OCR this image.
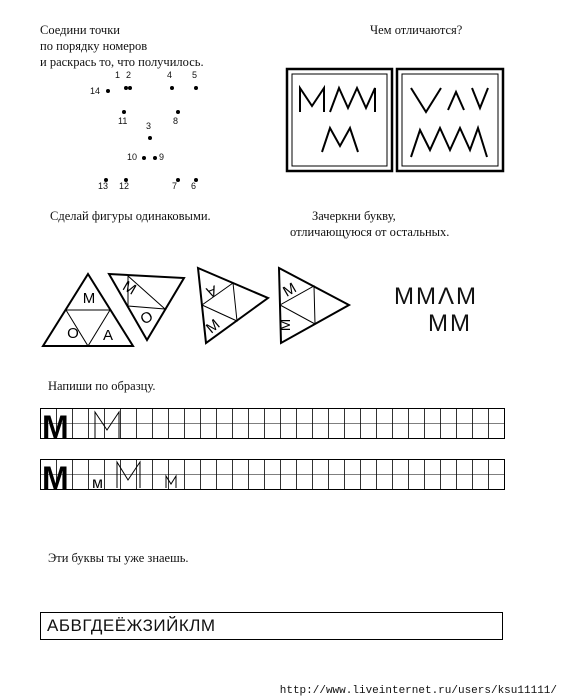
Соедини точки
по порядку номеров
и раскрась то, что получилось.
1 2	4 5
14
11	8
3
10 9
13 12	7 6
Чем отличаются?
Сделай фигуры одинаковыми.
М
О А
М
О
А
М
М
М
Зачеркни букву,
отличающуюся от остальных.
ММΛМ
ММ
Напиши по образцу.
М
М м
Эти буквы ты уже знаешь.
АБВГДЕЁЖЗИЙКЛМ
http://www.liveinternet.ru/users/ksu11111/
